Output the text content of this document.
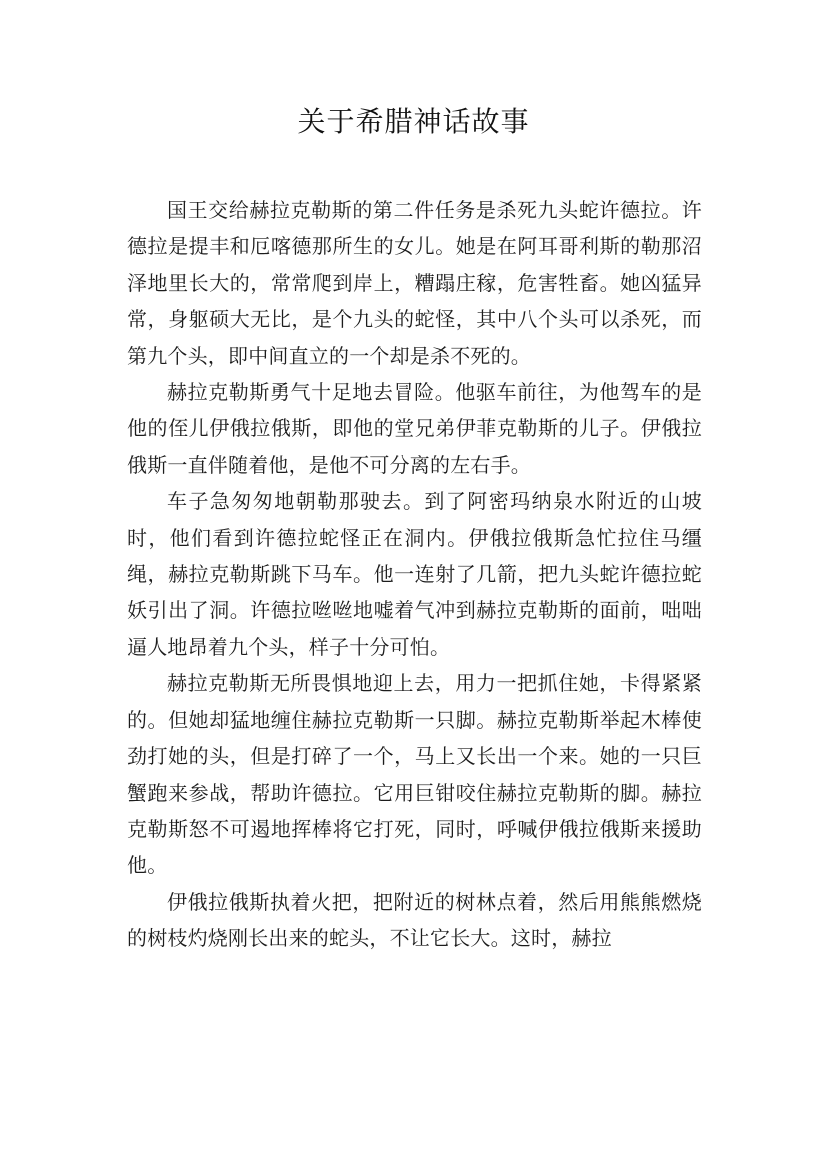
关于希腊神话故事

国王交给赫拉克勒斯的第二件任务是杀死九头蛇许德拉。许德拉是提丰和厄喀德那所生的女儿。她是在阿耳哥利斯的勒那沼泽地里长大的，常常爬到岸上，糟蹋庄稼，危害牲畜。她凶猛异常，身躯硕大无比，是个九头的蛇怪，其中八个头可以杀死，而第九个头，即中间直立的一个却是杀不死的。

赫拉克勒斯勇气十足地去冒险。他驱车前往，为他驾车的是他的侄儿伊俄拉俄斯，即他的堂兄弟伊菲克勒斯的儿子。伊俄拉俄斯一直伴随着他，是他不可分离的左右手。

车子急匆匆地朝勒那驶去。到了阿密玛纳泉水附近的山坡时，他们看到许德拉蛇怪正在洞内。伊俄拉俄斯急忙拉住马缰绳，赫拉克勒斯跳下马车。他一连射了几箭，把九头蛇许德拉蛇妖引出了洞。许德拉咝咝地嘘着气冲到赫拉克勒斯的面前，咄咄逼人地昂着九个头，样子十分可怕。

赫拉克勒斯无所畏惧地迎上去，用力一把抓住她，卡得紧紧的。但她却猛地缠住赫拉克勒斯一只脚。赫拉克勒斯举起木棒使劲打她的头，但是打碎了一个，马上又长出一个来。她的一只巨蟹跑来参战，帮助许德拉。它用巨钳咬住赫拉克勒斯的脚。赫拉克勒斯怒不可遏地挥棒将它打死，同时，呼喊伊俄拉俄斯来援助他。

伊俄拉俄斯执着火把，把附近的树林点着，然后用熊熊燃烧的树枝灼烧刚长出来的蛇头，不让它长大。这时，赫拉
